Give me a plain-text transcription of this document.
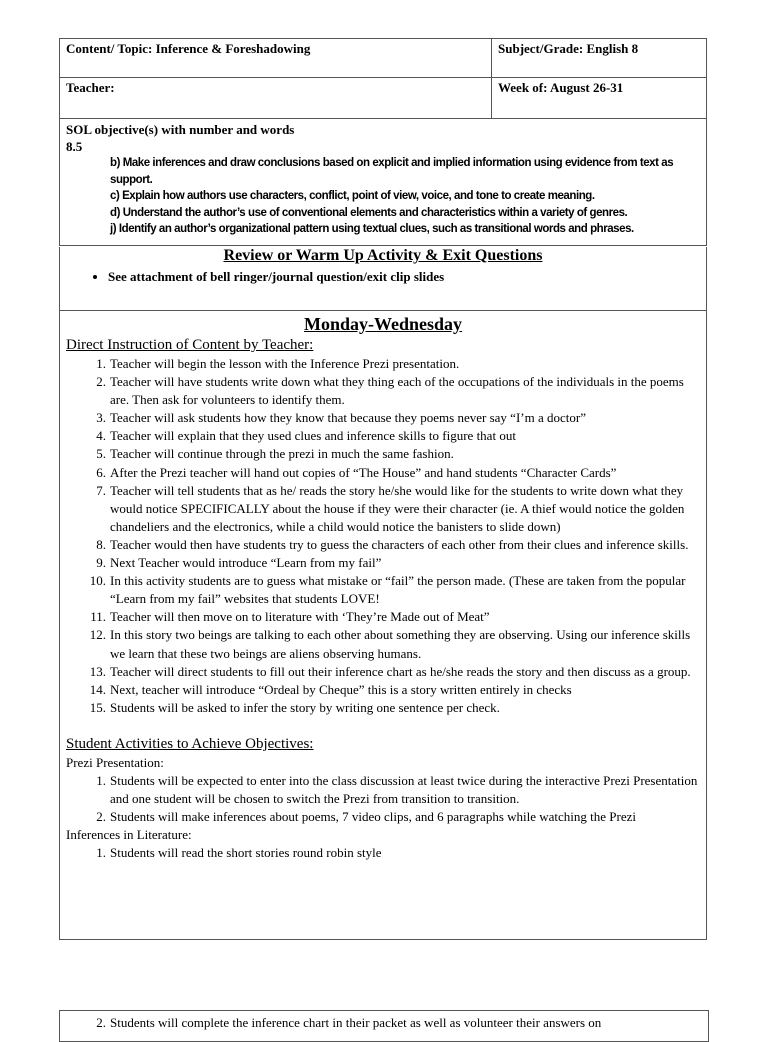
Content/ Topic: Inference & Foreshadowing	Subject/Grade: English 8
Teacher:	Week of: August 26-31
SOL objective(s) with number and words
8.5
b) Make inferences and draw conclusions based on explicit and implied information using evidence from text as support.
c) Explain how authors use characters, conflict, point of view, voice, and tone to create meaning.
d) Understand the author’s use of conventional elements and characteristics within a variety of genres.
j) Identify an author’s organizational pattern using textual clues, such as transitional words and phrases.
Review or Warm Up Activity & Exit Questions
• See attachment of bell ringer/journal question/exit clip slides
Monday-Wednesday

Direct Instruction of Content by Teacher:

1. Teacher will begin the lesson with the Inference Prezi presentation.
2. Teacher will have students write down what they thing each of the occupations of the individuals in the poems are. Then ask for volunteers to identify them.
3. Teacher will ask students how they know that because they poems never say “I’m a doctor”
4. Teacher will explain that they used clues and inference skills to figure that out
5. Teacher will continue through the prezi in much the same fashion.
6. After the Prezi teacher will hand out copies of “The House” and hand students “Character Cards”
7. Teacher will tell students that as he/ reads the story he/she would like for the students to write down what they would notice SPECIFICALLY about the house if they were their character (ie. A thief would notice the golden chandeliers and the electronics, while a child would notice the banisters to slide down)
8. Teacher would then have students try to guess the characters of each other from their clues and inference skills.
9. Next Teacher would introduce “Learn from my fail”
10. In this activity students are to guess what mistake or “fail” the person made. (These are taken from the popular “Learn from my fail” websites that students LOVE!
11. Teacher will then move on to literature with ‘They’re Made out of Meat”
12. In this story two beings are talking to each other about something they are observing. Using our inference skills we learn that these two beings are aliens observing humans.
13. Teacher will direct students to fill out their inference chart as he/she reads the story and then discuss as a group.
14. Next, teacher will introduce “Ordeal by Cheque” this is a story written entirely in checks
15. Students will be asked to infer the story by writing one sentence per check.

Student Activities to Achieve Objectives:

Prezi Presentation:

1. Students will be expected to enter into the class discussion at least twice during the interactive Prezi Presentation and one student will be chosen to switch the Prezi from transition to transition.
2. Students will make inferences about poems, 7 video clips, and 6 paragraphs while watching the Prezi

Inferences in Literature:

1. Students will read the short stories round robin style
2. Students will complete the inference chart in their packet as well as volunteer their answers on
